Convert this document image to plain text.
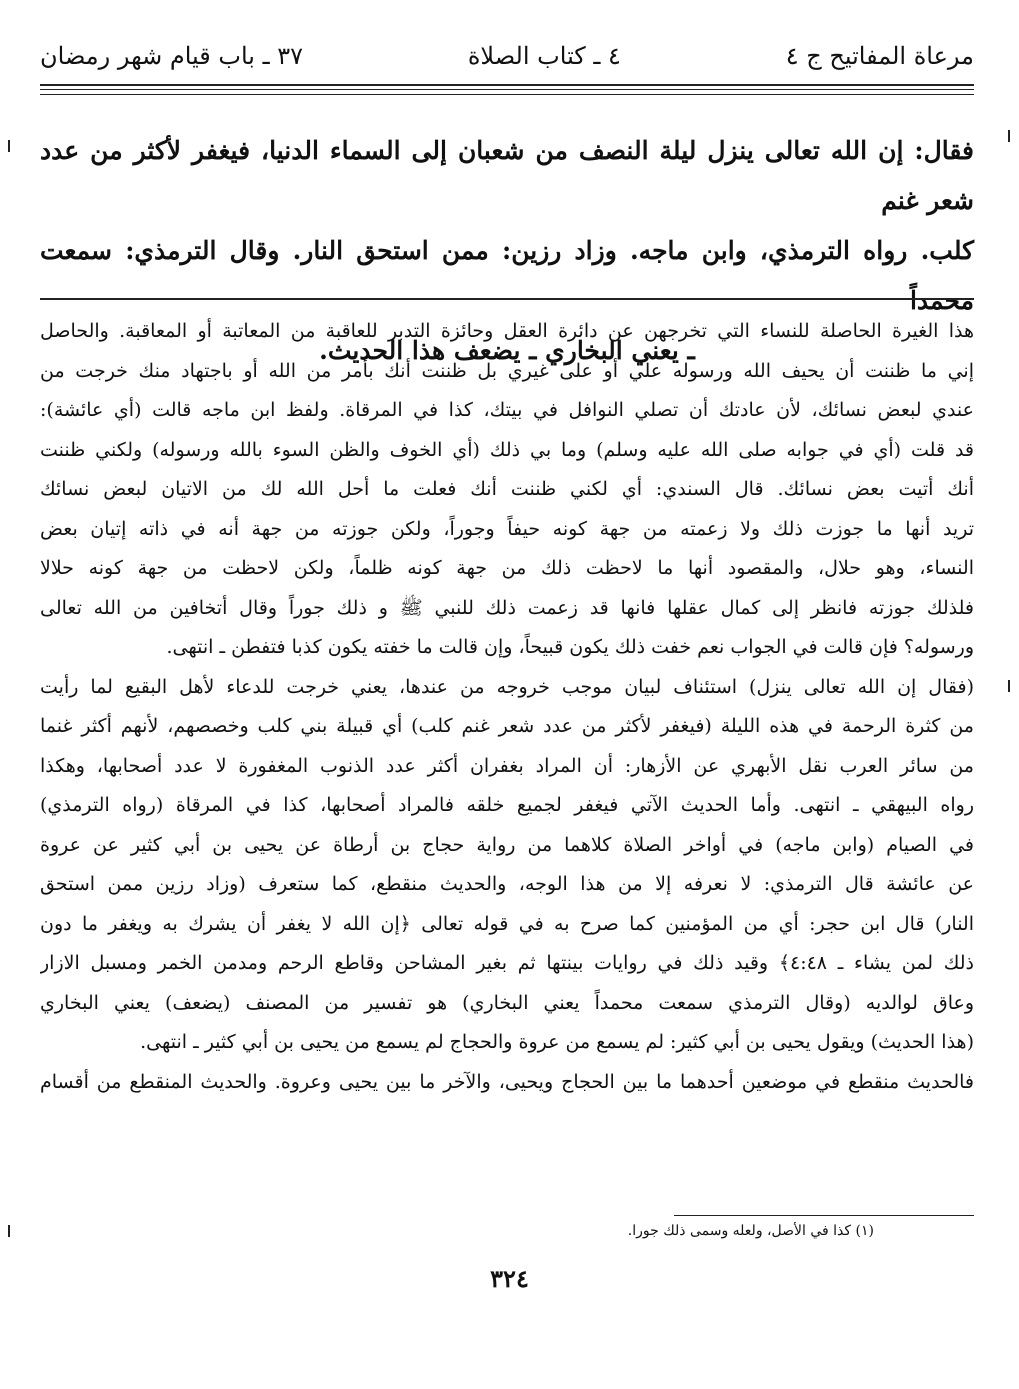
مرعاة المفاتيح ج ٤
٤ ـ كتاب الصلاة
٣٧ ـ باب قيام شهر رمضان

فقال: إن الله تعالى ينزل ليلة النصف من شعبان إلى السماء الدنيا، فيغفر لأكثر من عدد شعر غنم

كلب. رواه الترمذي، وابن ماجه. وزاد رزين: ممن استحق النار. وقال الترمذي: سمعت محمداً

ـ يعني البخاري ـ يضعف هذا الحديث.

هذا الغيرة الحاصلة للنساء التي تخرجهن عن دائرة العقل وحائزة التدبر للعاقبة من المعاتبة أو المعاقبة. والحاصل

إني ما ظننت أن يحيف الله ورسوله علي أو على غيري بل ظننت أنك بأمر من الله أو باجتهاد منك خرجت من

عندي لبعض نسائك، لأن عادتك أن تصلي النوافل في بيتك، كذا في المرقاة. ولفظ ابن ماجه قالت (أي عائشة):

قد قلت (أي في جوابه صلى الله عليه وسلم) وما بي ذلك (أي الخوف والظن السوء بالله ورسوله) ولكني ظننت

أنك أتيت بعض نسائك. قال السندي: أي لكني ظننت أنك فعلت ما أحل الله لك من الاتيان لبعض نسائك

تريد أنها ما جوزت ذلك ولا زعمته من جهة كونه حيفاً وجوراً، ولكن جوزته من جهة أنه في ذاته إتيان بعض

النساء، وهو حلال، والمقصود أنها ما لاحظت ذلك من جهة كونه ظلماً، ولكن لاحظت من جهة كونه حلالا

فلذلك جوزته فانظر إلى كمال عقلها فانها قد زعمت ذلك للنبي ﷺ و ذلك جوراً وقال أتخافين من الله تعالى

ورسوله؟ فإن قالت في الجواب نعم خفت ذلك يكون قبيحاً، وإن قالت ما خفته يكون كذبا فتفطن ـ انتهى.

(فقال إن الله تعالى ينزل) استئناف لبيان موجب خروجه من عندها، يعني خرجت للدعاء لأهل البقيع لما رأيت

من كثرة الرحمة في هذه الليلة (فيغفر لأكثر من عدد شعر غنم كلب) أي قبيلة بني كلب وخصصهم، لأنهم أكثر غنما

من سائر العرب نقل الأبهري عن الأزهار: أن المراد بغفران أكثر عدد الذنوب المغفورة لا عدد أصحابها، وهكذا

رواه البيهقي ـ انتهى. وأما الحديث الآتي فيغفر لجميع خلقه فالمراد أصحابها، كذا في المرقاة (رواه الترمذي)

في الصيام (وابن ماجه) في أواخر الصلاة كلاهما من رواية حجاج بن أرطاة عن يحيى بن أبي كثير عن عروة

عن عائشة قال الترمذي: لا نعرفه إلا من هذا الوجه، والحديث منقطع، كما ستعرف (وزاد رزين ممن استحق

النار) قال ابن حجر: أي من المؤمنين كما صرح به في قوله تعالى ﴿إن الله لا يغفر أن يشرك به ويغفر ما دون

ذلك لمن يشاء ـ ٤:٤٨﴾ وقيد ذلك في روايات بينتها ثم بغير المشاحن وقاطع الرحم ومدمن الخمر ومسبل الازار

وعاق لوالديه (وقال الترمذي سمعت محمداً يعني البخاري) هو تفسير من المصنف (يضعف) يعني البخاري

(هذا الحديث) ويقول يحيى بن أبي كثير: لم يسمع من عروة والحجاج لم يسمع من يحيى بن أبي كثير ـ انتهى.

فالحديث منقطع في موضعين أحدهما ما بين الحجاج ويحيى، والآخر ما بين يحيى وعروة. والحديث المنقطع من أقسام

(١) كذا في الأصل، ولعله وسمى ذلك جورا.
٣٢٤
